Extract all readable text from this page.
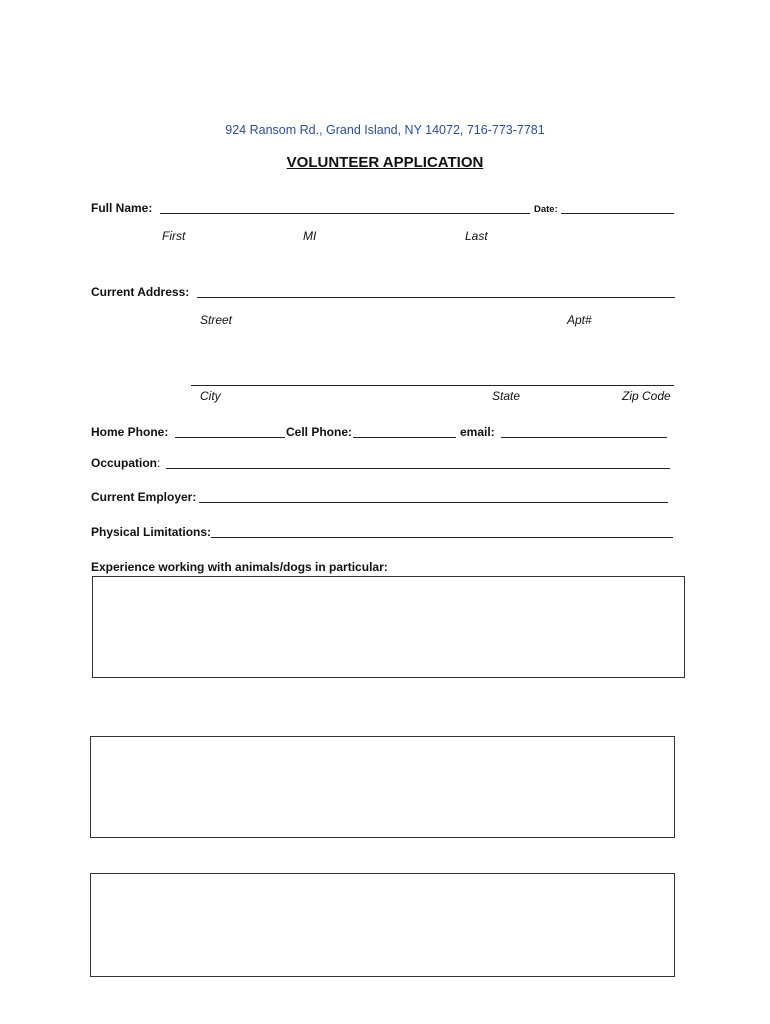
924 Ransom Rd., Grand Island, NY 14072, 716-773-7781
VOLUNTEER APPLICATION
Full Name:	Date:
First	MI	Last
Current Address:
Street	Apt#
City	State	Zip Code
Home Phone:	Cell Phone:	email:
Occupation:
Current Employer:
Physical Limitations:
Experience working with animals/dogs in particular:
